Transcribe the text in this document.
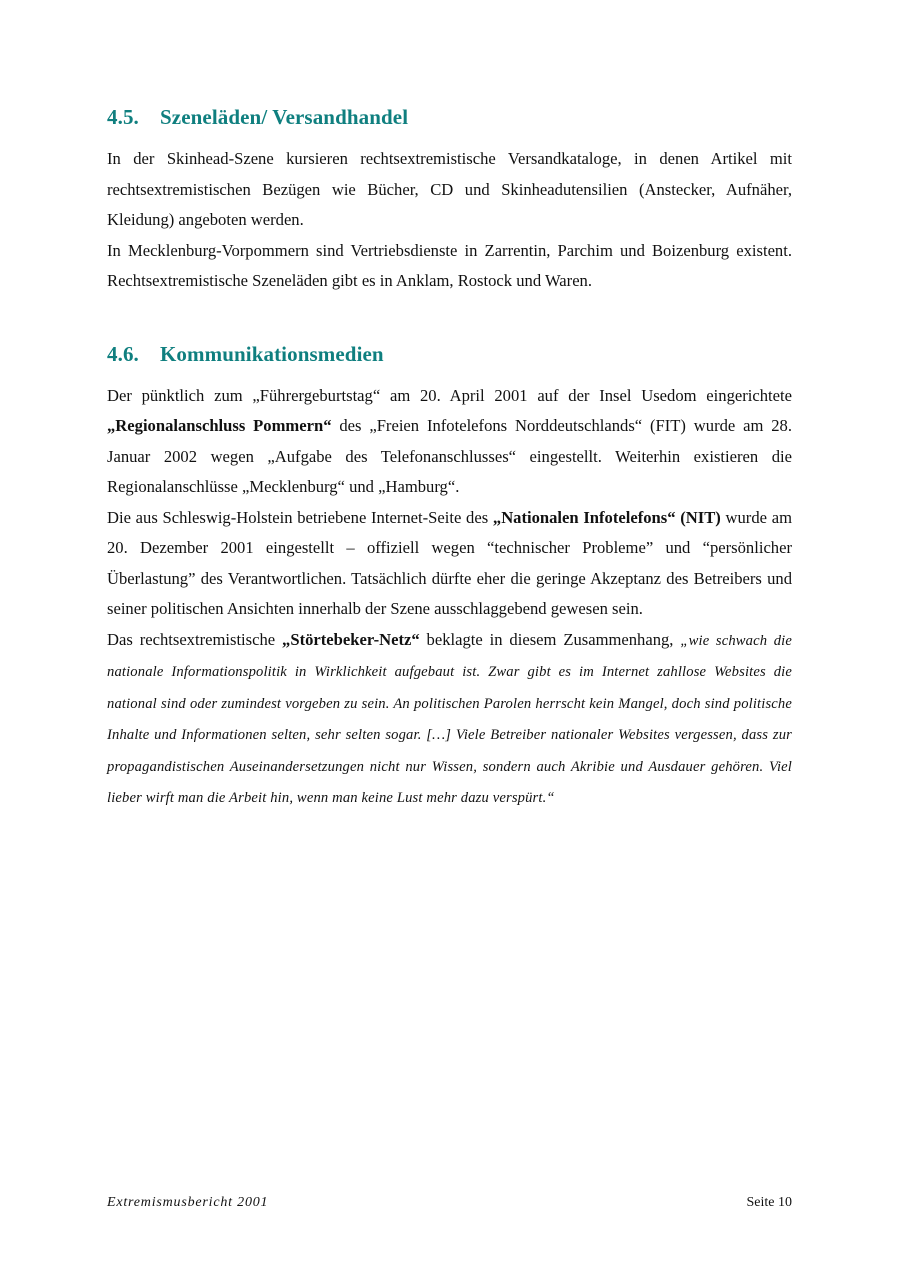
4.5.	Szeneläden/ Versandhandel

In der Skinhead-Szene kursieren rechtsextremistische Versandkataloge, in denen Artikel mit rechtsextremistischen Bezügen wie Bücher, CD und Skinheadutensilien (Anstecker, Aufnäher, Kleidung) angeboten werden.

In Mecklenburg-Vorpommern sind Vertriebsdienste in Zarrentin, Parchim und Boizenburg existent. Rechtsextremistische Szeneläden gibt es in Anklam, Rostock und Waren.

4.6.	Kommunikationsmedien

Der pünktlich zum „Führergeburtstag“ am 20. April 2001 auf der Insel Usedom eingerichtete „Regionalanschluss Pommern“ des „Freien Infotelefons Norddeutschlands“ (FIT) wurde am 28. Januar 2002 wegen „Aufgabe des Telefonanschlusses“ eingestellt. Weiterhin existieren die Regionalanschlüsse „Mecklenburg“ und „Hamburg“.

Die aus Schleswig-Holstein betriebene Internet-Seite des „Nationalen Infotelefons“ (NIT) wurde am 20. Dezember 2001 eingestellt – offiziell wegen “technischer Probleme” und “persönlicher Überlastung” des Verantwortlichen. Tatsächlich dürfte eher die geringe Akzeptanz des Betreibers und seiner politischen Ansichten innerhalb der Szene ausschlaggebend gewesen sein.

Das rechtsextremistische „Störtebeker-Netz“ beklagte in diesem Zusammenhang, „wie schwach die nationale Informationspolitik in Wirklichkeit aufgebaut ist. Zwar gibt es im Internet zahllose Websites die national sind oder zumindest vorgeben zu sein. An politischen Parolen herrscht kein Mangel, doch sind politische Inhalte und Informationen selten, sehr selten sogar. […] Viele Betreiber nationaler Websites vergessen, dass zur propagandistischen Auseinandersetzungen nicht nur Wissen, sondern auch Akribie und Ausdauer gehören. Viel lieber wirft man die Arbeit hin, wenn man keine Lust mehr dazu verspürt.“

Extremismusbericht 2001	Seite 10
